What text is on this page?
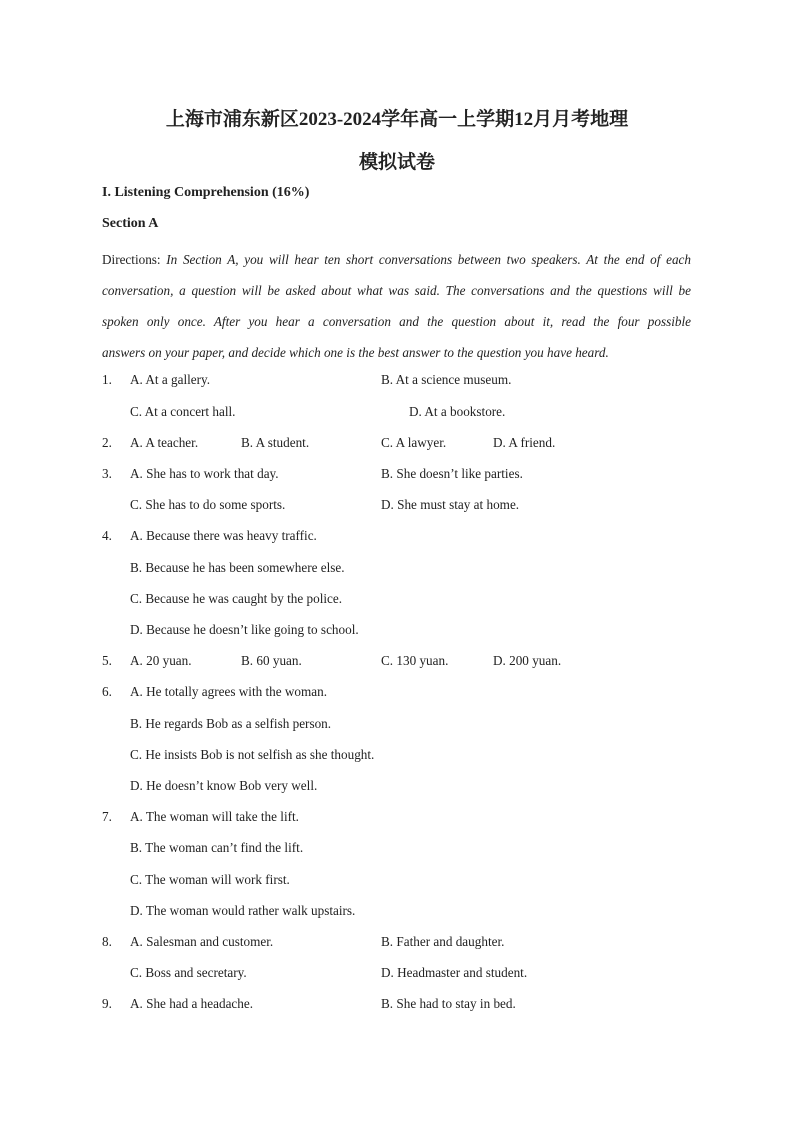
上海市浦东新区2023-2024学年高一上学期12月月考地理
模拟试卷
I. Listening Comprehension (16%)
Section A
Directions: In Section A, you will hear ten short conversations between two speakers. At the end of each
conversation, a question will be asked about what was said. The conversations and the questions will be
spoken only once. After you hear a conversation and the question about it, read the four possible
answers on your paper, and decide which one is the best answer to the question you have heard.
1. A. At a gallery.	B. At a science museum.
C. At a concert hall.	D. At a bookstore.
2. A. A teacher.	B. A student.	C. A lawyer.	D. A friend.
3. A. She has to work that day.	B. She doesn’t like parties.
C. She has to do some sports.	D. She must stay at home.
4. A. Because there was heavy traffic.
B. Because he has been somewhere else.
C. Because he was caught by the police.
D. Because he doesn’t like going to school.
5. A. 20 yuan.	B. 60 yuan.	C. 130 yuan.	D. 200 yuan.
6. A. He totally agrees with the woman.
B. He regards Bob as a selfish person.
C. He insists Bob is not selfish as she thought.
D. He doesn’t know Bob very well.
7. A. The woman will take the lift.
B. The woman can’t find the lift.
C. The woman will work first.
D. The woman would rather walk upstairs.
8. A. Salesman and customer.	B. Father and daughter.
C. Boss and secretary.	D. Headmaster and student.
9. A. She had a headache.	B. She had to stay in bed.
